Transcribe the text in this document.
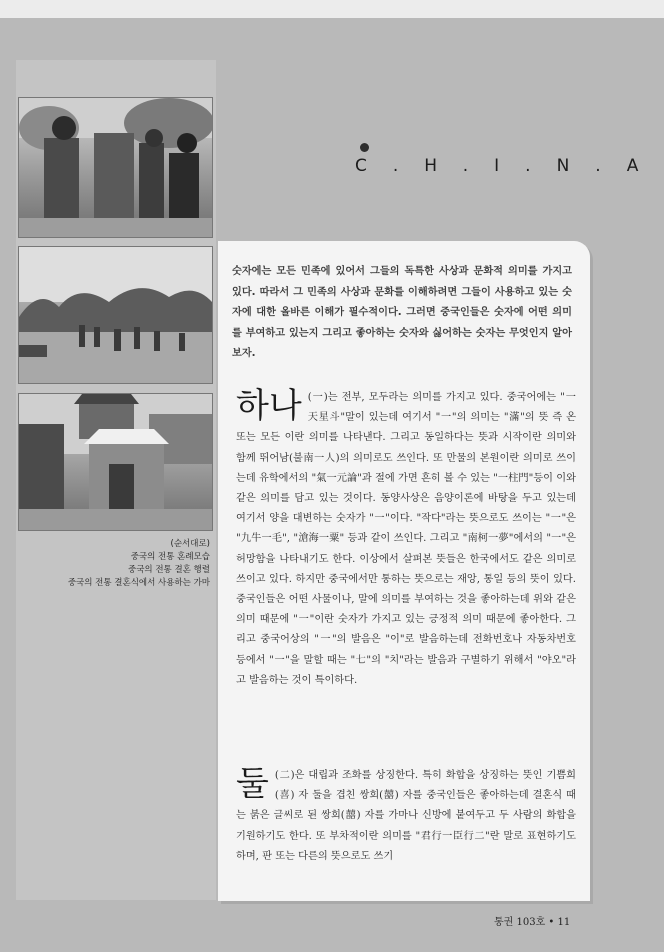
(순서대로)
중국의 전통 혼례모습
중국의 전통 결혼 행렬
중국의 전통 결혼식에서 사용하는 가마
C.H.I.N.A
숫자에는 모든 민족에 있어서 그들의 독특한 사상과 문화적 의미를 가지고 있다. 따라서 그 민족의 사상과 문화를 이해하려면 그들이 사용하고 있는 숫자에 대한 올바른 이해가 필수적이다. 그러면 중국인들은 숫자에 어떤 의미를 부여하고 있는지 그리고 좋아하는 숫자와 싫어하는 숫자는 무엇인지 알아보자.
하나 (一)는 전부, 모두라는 의미를 가지고 있다. 중국어에는 "一天星斗"말이 있는데 여기서 "一"의 의미는 "滿"의 뜻 즉 온 또는 모든 이란 의미를 나타낸다. 그리고 동일하다는 뜻과 시작이란 의미와 함께 뛰어남(불南一人)의 의미로도 쓰인다. 또 만물의 본원이란 의미로 쓰이는데 유학에서의 "氣一元論"과 절에 가면 흔히 볼 수 있는 "一柱門"등이 이와 같은 의미를 담고 있는 것이다. 동양사상은 음양이론에 바탕을 두고 있는데 여기서 양을 대변하는 숫자가 "一"이다. "작다"라는 뜻으로도 쓰이는 "一"은 "九牛一毛", "滄海一粟" 등과 같이 쓰인다. 그리고 "南柯一夢"에서의 "一"은 허망함을 나타내기도 한다. 이상에서 살펴본 뜻들은 한국에서도 같은 의미로 쓰이고 있다. 하지만 중국에서만 통하는 뜻으로는 재앙, 통일 등의 뜻이 있다. 중국인들은 어떤 사물이나, 말에 의미를 부여하는 것을 좋아하는데 위와 같은 의미 때문에 "一"이란 숫자가 가지고 있는 긍정적 의미 때문에 좋아한다. 그리고 중국어상의 "一"의 발음은 "이"로 발음하는데 전화번호나 자동차번호 등에서 "一"을 말할 때는 "七"의 "치"라는 발음과 구별하기 위해서 "야오"라고 발음하는 것이 특이하다.
둘 (二)은 대립과 조화를 상징한다. 특히 화합을 상징하는 뜻인 기쁨희(喜) 자 둘을 겹친 쌍희(囍) 자를 중국인들은 좋아하는데 결혼식 때는 붉은 글씨로 된 쌍희(囍) 자를 가마나 신방에 붙여두고 두 사람의 화합을 기원하기도 한다. 또 부차적이란 의미를 "君行一臣行二"란 말로 표현하기도 하며, 판 또는 다른의 뜻으로도 쓰기
통권 103호 • 11
